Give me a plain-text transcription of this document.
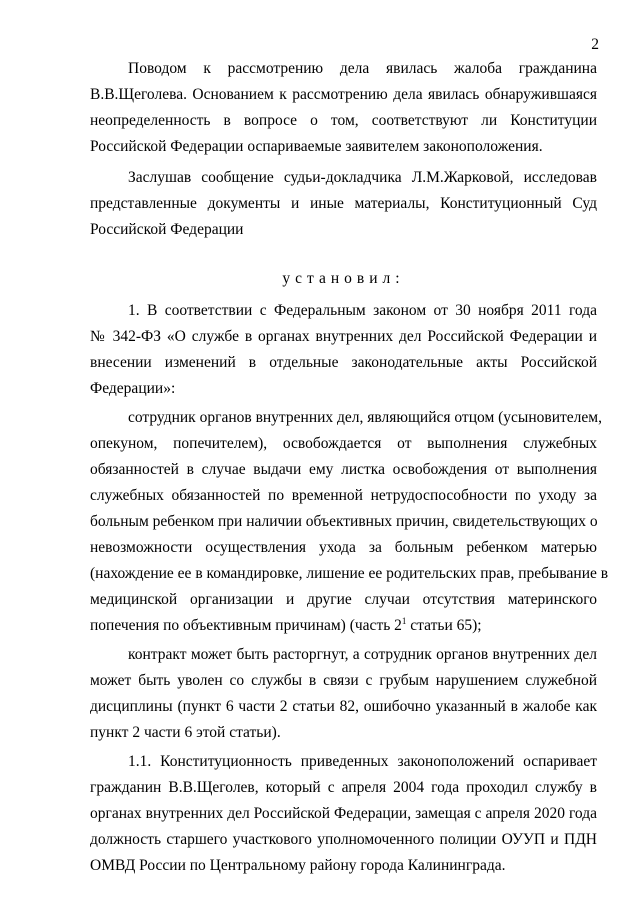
2
Поводом к рассмотрению дела явилась жалоба гражданина
В.В.Щеголева. Основанием к рассмотрению дела явилась обнаружившаяся
неопределенность в вопросе о том, соответствуют ли Конституции
Российской Федерации оспариваемые заявителем законоположения.
Заслушав сообщение судьи-докладчика Л.М.Жарковой, исследовав
представленные документы и иные материалы, Конституционный Суд
Российской Федерации
установил:
1. В соответствии с Федеральным законом от 30 ноября 2011 года
№ 342-ФЗ «О службе в органах внутренних дел Российской Федерации и
внесении изменений в отдельные законодательные акты Российской
Федерации»:
сотрудник органов внутренних дел, являющийся отцом (усыновителем,
опекуном, попечителем), освобождается от выполнения служебных
обязанностей в случае выдачи ему листка освобождения от выполнения
служебных обязанностей по временной нетрудоспособности по уходу за
больным ребенком при наличии объективных причин, свидетельствующих о
невозможности осуществления ухода за больным ребенком матерью
(нахождение ее в командировке, лишение ее родительских прав, пребывание в
медицинской организации и другие случаи отсутствия материнского
попечения по объективным причинам) (часть $2^1$ статьи 65);
контракт может быть расторгнут, а сотрудник органов внутренних дел
может быть уволен со службы в связи с грубым нарушением служебной
дисциплины (пункт 6 части 2 статьи 82, ошибочно указанный в жалобе как
пункт 2 части 6 этой статьи).
1.1. Конституционность приведенных законоположений оспаривает
гражданин В.В.Щеголев, который с апреля 2004 года проходил службу в
органах внутренних дел Российской Федерации, замещая с апреля 2020 года
должность старшего участкового уполномоченного полиции ОУУП и ПДН
ОМВД России по Центральному району города Калининграда.
